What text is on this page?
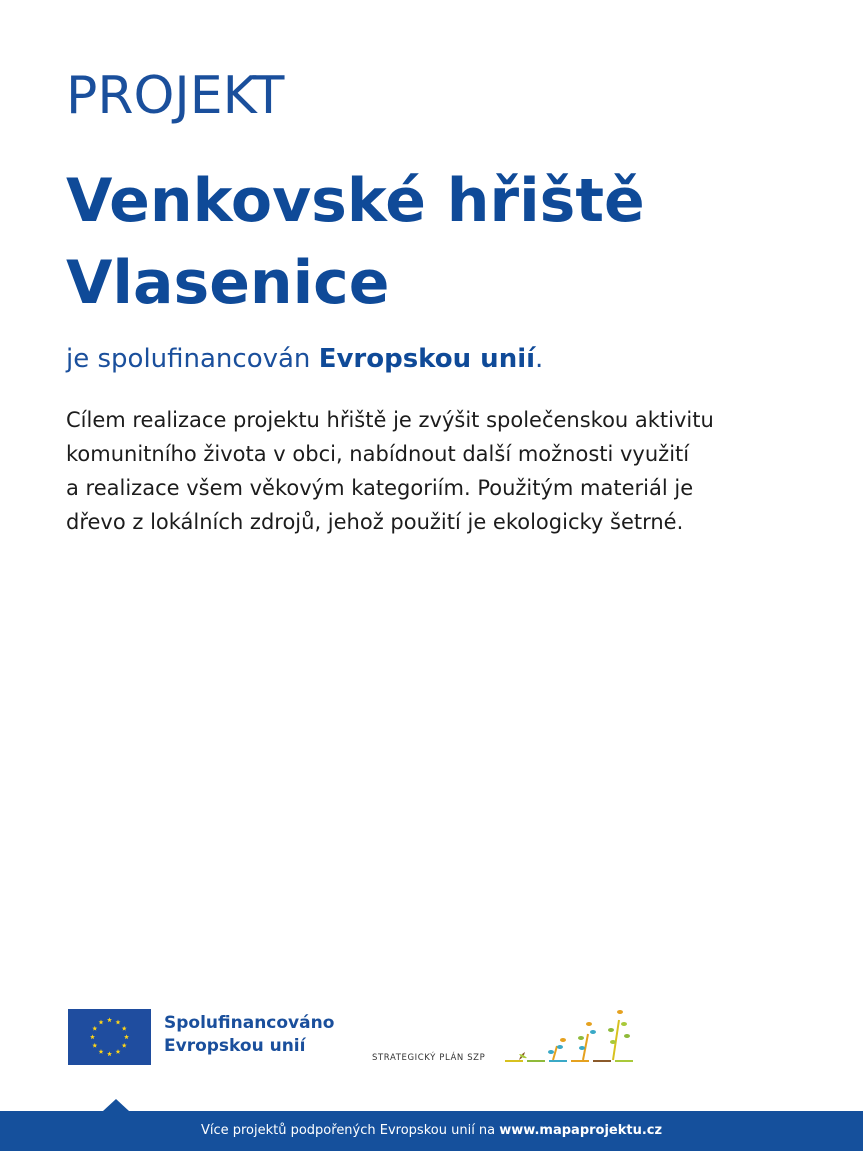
PROJEKT
Venkovské hřiště
Vlasenice
je spolufinancován Evropskou unií.
Cílem realizace projektu hřiště je zvýšit společenskou aktivitu
komunitního života v obci, nabídnout další možnosti využití
a realizace všem věkovým kategoriím. Použitým materiál je
dřevo z lokálních zdrojů, jehož použití je ekologicky šetrné.
Spolufinancováno
Evropskou unií
STRATEGICKÝ PLÁN SZP
Více projektů podpořených Evropskou unií na www.mapaprojektu.cz
